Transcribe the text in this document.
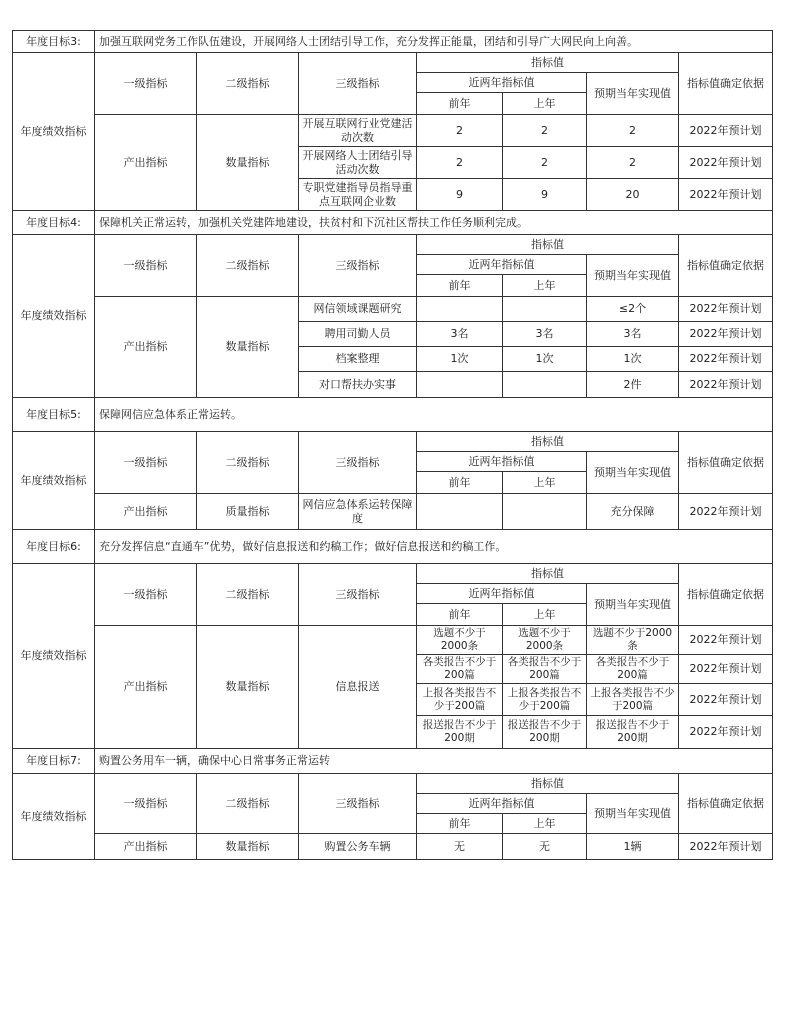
年度目标3:	加强互联网党务工作队伍建设，开展网络人士团结引导工作，充分发挥正能量，团结和引导广大网民向上向善。						
年度绩效指标	一级指标	二级指标	三级指标	指标值			指标值确定依据
				近两年指标值		预期当年实现值	
				前年	上年		
	产出指标	数量指标	开展互联网行业党建活动次数	2	2	2	2022年预计划
			开展网络人士团结引导活动次数	2	2	2	2022年预计划
			专职党建指导员指导重点互联网企业数	9	9	20	2022年预计划
年度目标4:	保障机关正常运转，加强机关党建阵地建设，扶贫村和下沉社区帮扶工作任务顺利完成。						
年度绩效指标	一级指标	二级指标	三级指标	指标值			指标值确定依据
				近两年指标值		预期当年实现值	
				前年	上年		
	产出指标	数量指标	网信领域课题研究			≤2个	2022年预计划
			聘用司勤人员	3名	3名	3名	2022年预计划
			档案整理	1次	1次	1次	2022年预计划
			对口帮扶办实事			2件	2022年预计划
年度目标5:	保障网信应急体系正常运转。						
年度绩效指标	一级指标	二级指标	三级指标	指标值			指标值确定依据
				近两年指标值		预期当年实现值	
				前年	上年		
	产出指标	质量指标	网信应急体系运转保障度			充分保障	2022年预计划
年度目标6:	充分发挥信息“直通车”优势，做好信息报送和约稿工作；做好信息报送和约稿工作。						
年度绩效指标	一级指标	二级指标	三级指标	指标值			指标值确定依据
				近两年指标值		预期当年实现值	
				前年	上年		
	产出指标	数量指标	信息报送	选题不少于2000条	选题不少于2000条	选题不少于2000条	2022年预计划
				各类报告不少于200篇	各类报告不少于200篇	各类报告不少于200篇	2022年预计划
				上报各类报告不少于200篇	上报各类报告不少于200篇	上报各类报告不少于200篇	2022年预计划
				报送报告不少于200期	报送报告不少于200期	报送报告不少于200期	2022年预计划
年度目标7:	购置公务用车一辆，确保中心日常事务正常运转						
年度绩效指标	一级指标	二级指标	三级指标	指标值			指标值确定依据
				近两年指标值		预期当年实现值	
				前年	上年		
	产出指标	数量指标	购置公务车辆	无	无	1辆	2022年预计划
